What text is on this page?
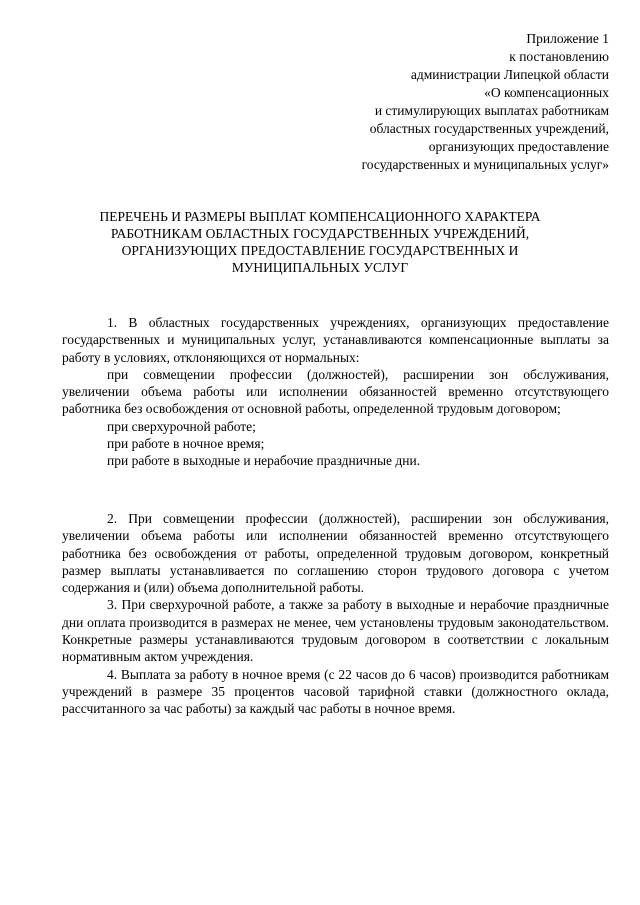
Приложение 1
к постановлению
администрации Липецкой области
«О компенсационных
и стимулирующих выплатах работникам
областных государственных учреждений,
организующих предоставление
государственных и муниципальных услуг»
ПЕРЕЧЕНЬ И РАЗМЕРЫ ВЫПЛАТ КОМПЕНСАЦИОННОГО ХАРАКТЕРА
РАБОТНИКАМ ОБЛАСТНЫХ ГОСУДАРСТВЕННЫХ УЧРЕЖДЕНИЙ,
ОРГАНИЗУЮЩИХ ПРЕДОСТАВЛЕНИЕ ГОСУДАРСТВЕННЫХ И
МУНИЦИПАЛЬНЫХ УСЛУГ

1. В областных государственных учреждениях, организующих предоставление государственных и муниципальных услуг, устанавливаются компенсационные выплаты за работу в условиях, отклоняющихся от нормальных:

при совмещении профессии (должностей), расширении зон обслуживания, увеличении объема работы или исполнении обязанностей временно отсутствующего работника без освобождения от основной работы, определенной трудовым договором;

при сверхурочной работе;

при работе в ночное время;

при работе в выходные и нерабочие праздничные дни.

2. При совмещении профессии (должностей), расширении зон обслуживания, увеличении объема работы или исполнении обязанностей временно отсутствующего работника без освобождения от работы, определенной трудовым договором, конкретный размер выплаты устанавливается по соглашению сторон трудового договора с учетом содержания и (или) объема дополнительной работы.

3. При сверхурочной работе, а также за работу в выходные и нерабочие праздничные дни оплата производится в размерах не менее, чем установлены трудовым законодательством. Конкретные размеры устанавливаются трудовым договором в соответствии с локальным нормативным актом учреждения.

4. Выплата за работу в ночное время (с 22 часов до 6 часов) производится работникам учреждений в размере 35 процентов часовой тарифной ставки (должностного оклада, рассчитанного за час работы) за каждый час работы в ночное время.
